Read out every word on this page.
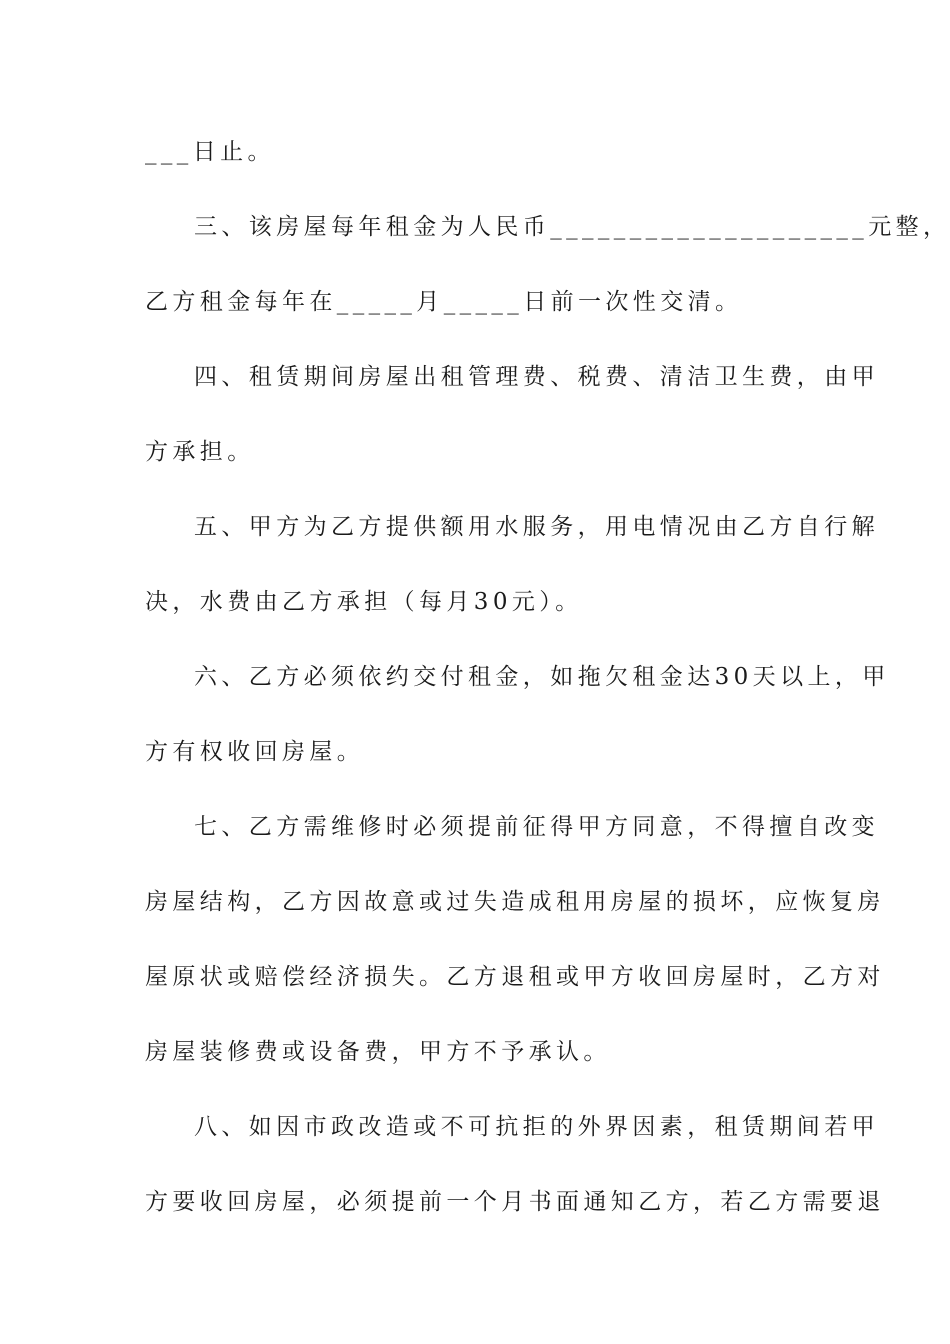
___日止。
三、该房屋每年租金为人民币____________________元整，
乙方租金每年在_____月_____日前一次性交清。
四、租赁期间房屋出租管理费、税费、清洁卫生费，由甲
方承担。
五、甲方为乙方提供额用水服务，用电情况由乙方自行解
决，水费由乙方承担（每月30元）。
六、乙方必须依约交付租金，如拖欠租金达30天以上，甲
方有权收回房屋。
七、乙方需维修时必须提前征得甲方同意，不得擅自改变
房屋结构，乙方因故意或过失造成租用房屋的损坏，应恢复房
屋原状或赔偿经济损失。乙方退租或甲方收回房屋时，乙方对
房屋装修费或设备费，甲方不予承认。
八、如因市政改造或不可抗拒的外界因素，租赁期间若甲
方要收回房屋，必须提前一个月书面通知乙方，若乙方需要退
